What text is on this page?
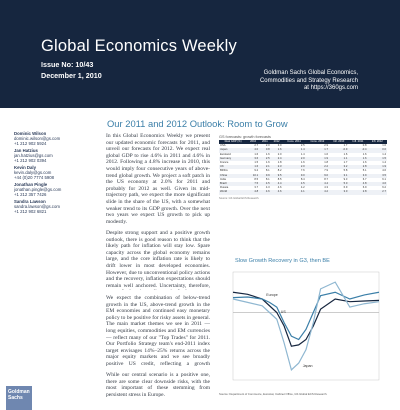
Global Economics Weekly
Issue No: 10/43
December 1, 2010	Goldman Sachs Global Economics,
Commodities and Strategy Research
at https://360gs.com
Dominic Wilson
dominic.wilson@gs.com
+1 212 902 5924
Jan Hatzius
jan.hatzius@gs.com
+1 212 902 0394
Kevin Daly
kevin.daly@gs.com
+44 (0)20 7774 5908
Jonathan Pingle
jonathan.pingle@gs.com
+1 212 357 7426
Sandra Lawson
sandra.lawson@gs.com
+1 212 902 6821
Goldman Sachs
Our 2011 and 2012 Outlook: Room to Grow

In this Global Economics Weekly we present our updated economic forecasts for 2011, and unveil our forecasts for 2012. We expect real global GDP to rise 4.6% in 2011 and 4.6% in 2012. Following a 4.8% increase in 2010, this would imply four consecutive years of above-trend global growth. We project a soft patch in the US economy at 2.0% for 2011 and probably for 2012 as well. Given its mid-trajectory path, we expect the more significant slide in the share of the US, with a somewhat weaker trend to its GDP growth. Over the next two years we expect US growth to pick up modestly.

Despite strong support and a positive growth outlook, there is good reason to think that the likely path for inflation will stay low. Spare capacity across the global economy remains large, and the core inflation rate is likely to drift lower in most developed economies. However, due to unconventional policy actions and the recovery, inflation expectations should remain well anchored. Uncertainty, therefore,

We expect the combination of below-trend growth in the US, above-trend growth in the EM economies and continued easy monetary policy to be positive for risky assets in general. The main market themes we see in 2011 — long equities, commodities and EM currencies — reflect many of our "Top Trades" for 2011. Our Portfolio Strategy team's end-2011 index target envisages 14%–25% returns across the major equity markets and we see broadly positive US credit, reflecting a growth

While our central scenario is a positive one, there are some clear downside risks, with the most important of these stemming from persistent stress in Europe.

GS forecasts: growth forecasts
Real GDP (%)	2010	2011	2012	Cons. 2011	Cons. 2012	Infl. 2010	Infl. 2011	Infl. 2012
USA	2.7	2.0	3.0	2.5	2.9	1.7	0.8	1.0
Japan	4.0	0.8	1.6	1.4	1.7	-0.9	-0.4	0.0
Euroland	1.6	1.6	2.0	1.4	1.6	1.6	1.6	1.4
Germany	3.6	2.5	2.4	2.0	1.9	1.1	1.6	1.5
France	1.5	1.6	1.8	1.6	1.8	1.7	1.6	1.4
UK	1.6	2.1	2.3	2.0	2.2	3.2	2.8	1.9
BRICs	9.2	8.1	8.2	7.6	7.9	5.8	5.1	4.6
China	10.1	9.9	9.5	9.0	9.0	3.1	3.9	3.5
India	8.5	8.1	8.5	8.4	8.7	9.3	6.7	6.1
Brazil	7.5	4.5	4.4	4.5	4.4	5.0	4.8	4.6
Russia	3.7	4.3	4.6	4.2	4.3	6.9	6.9	6.2
World	4.8	4.6	4.6	4.1	4.2	3.0	2.8	2.7
Source: GS Global ECS Research.
Slow Growth Recovery in G3, then BE
Europe
US
Japan
Source: Department of Commerce, Eurostat, Cabinet Office, GS Global ECS Research.
